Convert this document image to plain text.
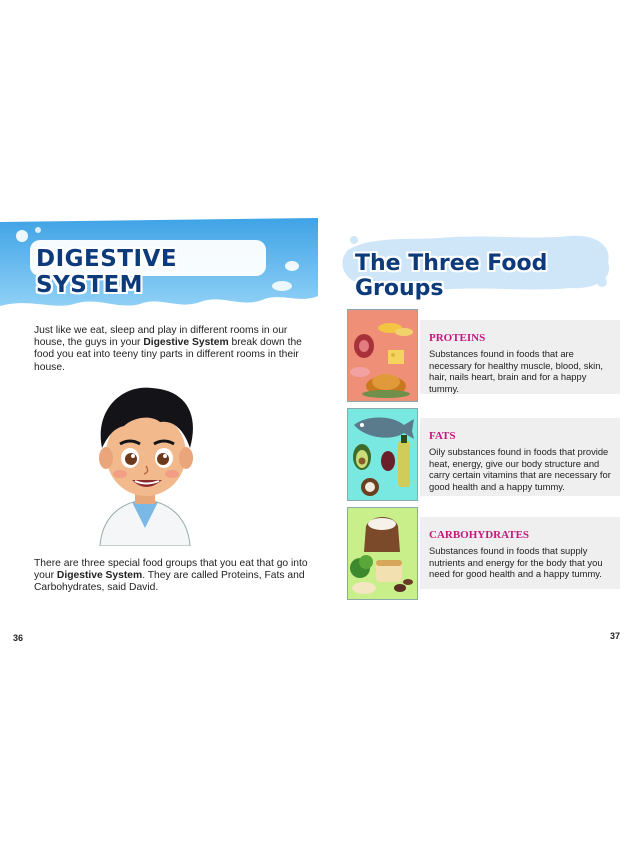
DIGESTIVE SYSTEM
Just like we eat, sleep and play in different rooms in our house, the guys in your Digestive System break down the food you eat into teeny tiny parts in different rooms in their house.
There are three special food groups that you eat that go into your Digestive System. They are called Proteins, Fats and Carbohydrates, said David.
36
The Three Food Groups
PROTEINS
Substances found in foods that are necessary for healthy muscle, blood, skin, hair, nails heart, brain and for a happy tummy.
FATS
Oily substances found in foods that provide heat, energy, give our body structure and carry certain vitamins that are necessary for good health and a happy tummy.
CARBOHYDRATES
Substances found in foods that supply nutrients and energy for the body that you need for good health and a happy tummy.
37
